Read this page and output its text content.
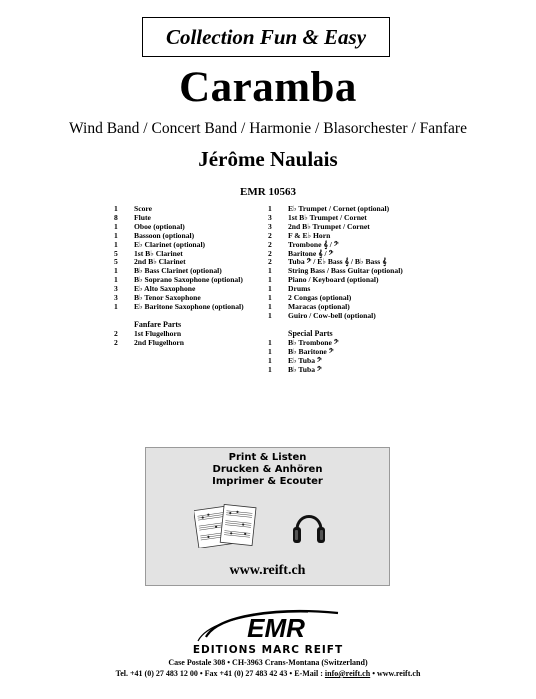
Collection Fun & Easy
Caramba
Wind Band / Concert Band / Harmonie / Blasorchester / Fanfare
Jérôme Naulais
EMR 10563
1	Score
8	Flute
1	Oboe (optional)
1	Bassoon (optional)
1	E♭ Clarinet (optional)
5	1st B♭ Clarinet
5	2nd B♭ Clarinet
1	B♭ Bass Clarinet (optional)
1	B♭ Soprano Saxophone (optional)
3	E♭ Alto Saxophone
3	B♭ Tenor Saxophone
1	E♭ Baritone Saxophone (optional)
Fanfare Parts
2	1st Flugelhorn
2	2nd Flugelhorn
1	E♭ Trumpet / Cornet (optional)
3	1st B♭ Trumpet / Cornet
3	2nd B♭ Trumpet / Cornet
2	F & E♭ Horn
2	Trombone 𝄞 / 𝄢
2	Baritone 𝄞 / 𝄢
2	Tuba 𝄢 / E♭ Bass 𝄞 / B♭ Bass 𝄞
1	String Bass / Bass Guitar (optional)
1	Piano / Keyboard (optional)
1	Drums
1	2 Congas (optional)
1	Maracas (optional)
1	Guiro / Cow-bell (optional)
Special Parts
1	B♭ Trombone 𝄢
1	B♭ Baritone 𝄢
1	E♭ Tuba 𝄢
1	B♭ Tuba 𝄢
Print & Listen
Drucken & Anhören
Imprimer & Ecouter
www.reift.ch
EMR
EDITIONS MARC REIFT
Case Postale 308 • CH-3963 Crans-Montana (Switzerland)
Tel. +41 (0) 27 483 12 00 • Fax +41 (0) 27 483 42 43 • E-Mail : info@reift.ch • www.reift.ch
